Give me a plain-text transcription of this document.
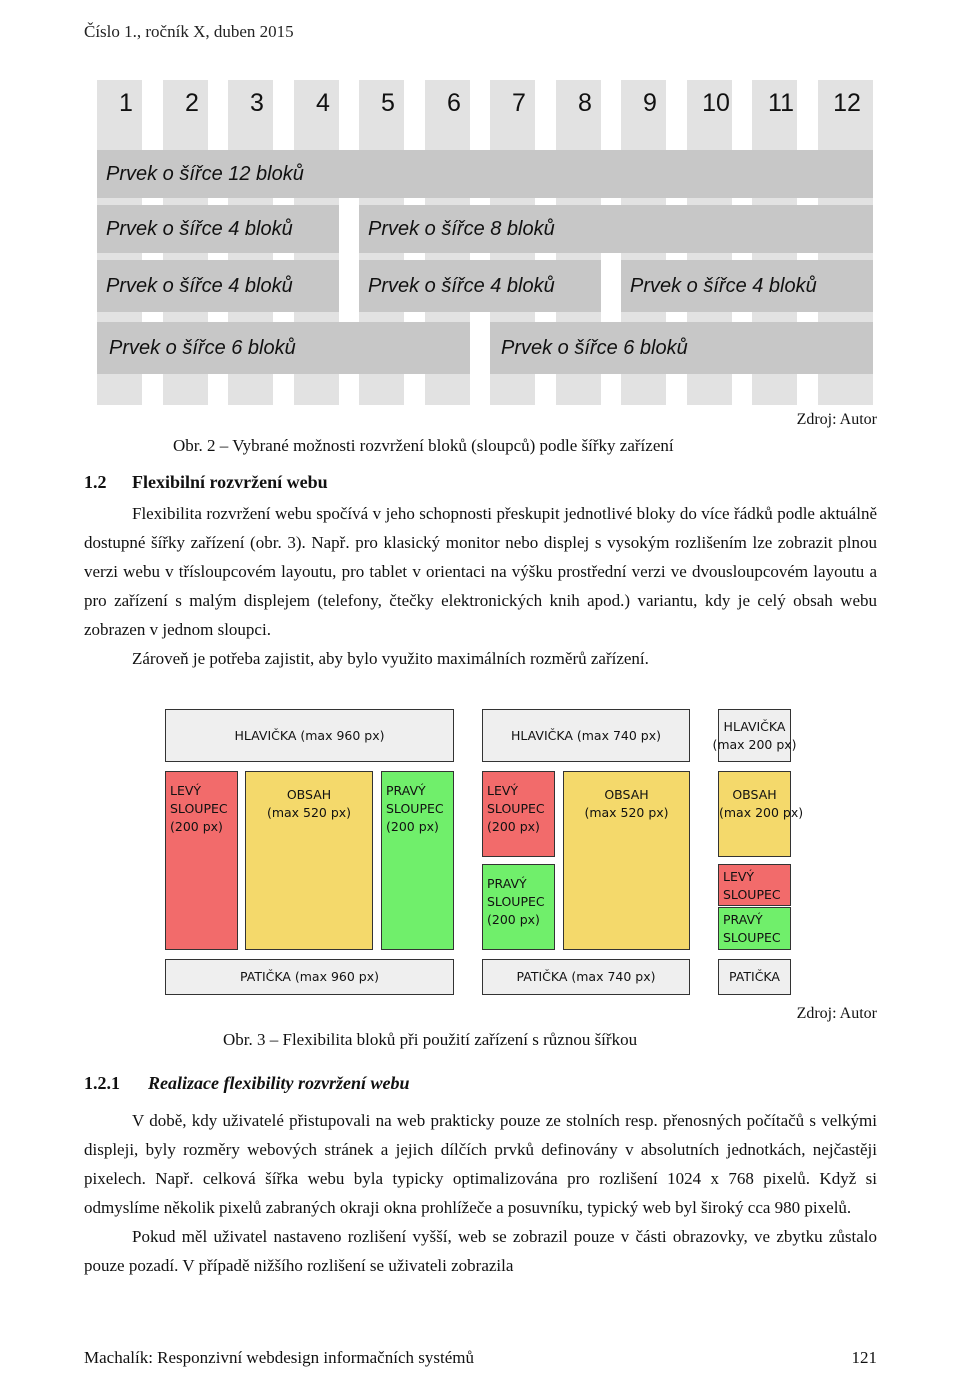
Číslo 1., ročník X, duben 2015
1	2	3	4	5	6	7	8	9	10	11	12
Prvek o šířce 12 bloků
Prvek o šířce 4 bloků	Prvek o šířce 8 bloků
Prvek o šířce 4 bloků	Prvek o šířce 4 bloků	Prvek o šířce 4 bloků
Prvek o šířce 6 bloků	Prvek o šířce 6 bloků
Zdroj: Autor
Obr. 2 – Vybrané možnosti rozvržení bloků (sloupců) podle šířky zařízení
1.2 Flexibilní rozvržení webu

Flexibilita rozvržení webu spočívá v jeho schopnosti přeskupit jednotlivé bloky do více řádků podle aktuálně dostupné šířky zařízení (obr. 3). Např. pro klasický monitor nebo displej s vysokým rozlišením lze zobrazit plnou verzi webu v třísloupcovém layoutu, pro tablet v orientaci na výšku prostřední verzi ve dvousloupcovém layoutu a pro zařízení s malým displejem (telefony, čtečky elektronických knih apod.) variantu, kdy je celý obsah webu zobrazen v jednom sloupci.

Zároveň je potřeba zajistit, aby bylo využito maximálních rozměrů zařízení.

HLAVIČKA (max 960 px)
LEVÝ
SLOUPEC
(200 px)
OBSAH
(max 520 px)
PRAVÝ
SLOUPEC
(200 px)
PATIČKA (max 960 px)
HLAVIČKA (max 740 px)
LEVÝ
SLOUPEC
(200 px)
OBSAH
(max 520 px)
PRAVÝ
SLOUPEC
(200 px)
PATIČKA (max 740 px)
HLAVIČKA
(max 200 px)
OBSAH
(max 200 px)
LEVÝ
SLOUPEC
PRAVÝ
SLOUPEC
PATIČKA
Zdroj: Autor
Obr. 3 – Flexibilita bloků při použití zařízení s různou šířkou
1.2.1 Realizace flexibility rozvržení webu

V době, kdy uživatelé přistupovali na web prakticky pouze ze stolních resp. přenosných počítačů s velkými displeji, byly rozměry webových stránek a jejich dílčích prvků definovány v absolutních jednotkách, nejčastěji pixelech. Např. celková šířka webu byla typicky optimalizována pro rozlišení 1024 x 768 pixelů. Když si odmyslíme několik pixelů zabraných okraji okna prohlížeče a posuvníku, typický web byl široký cca 980 pixelů.

Pokud měl uživatel nastaveno rozlišení vyšší, web se zobrazil pouze v části obrazovky, ve zbytku zůstalo pouze pozadí. V případě nižšího rozlišení se uživateli zobrazila

Machalík: Responzivní webdesign informačních systémů	121
